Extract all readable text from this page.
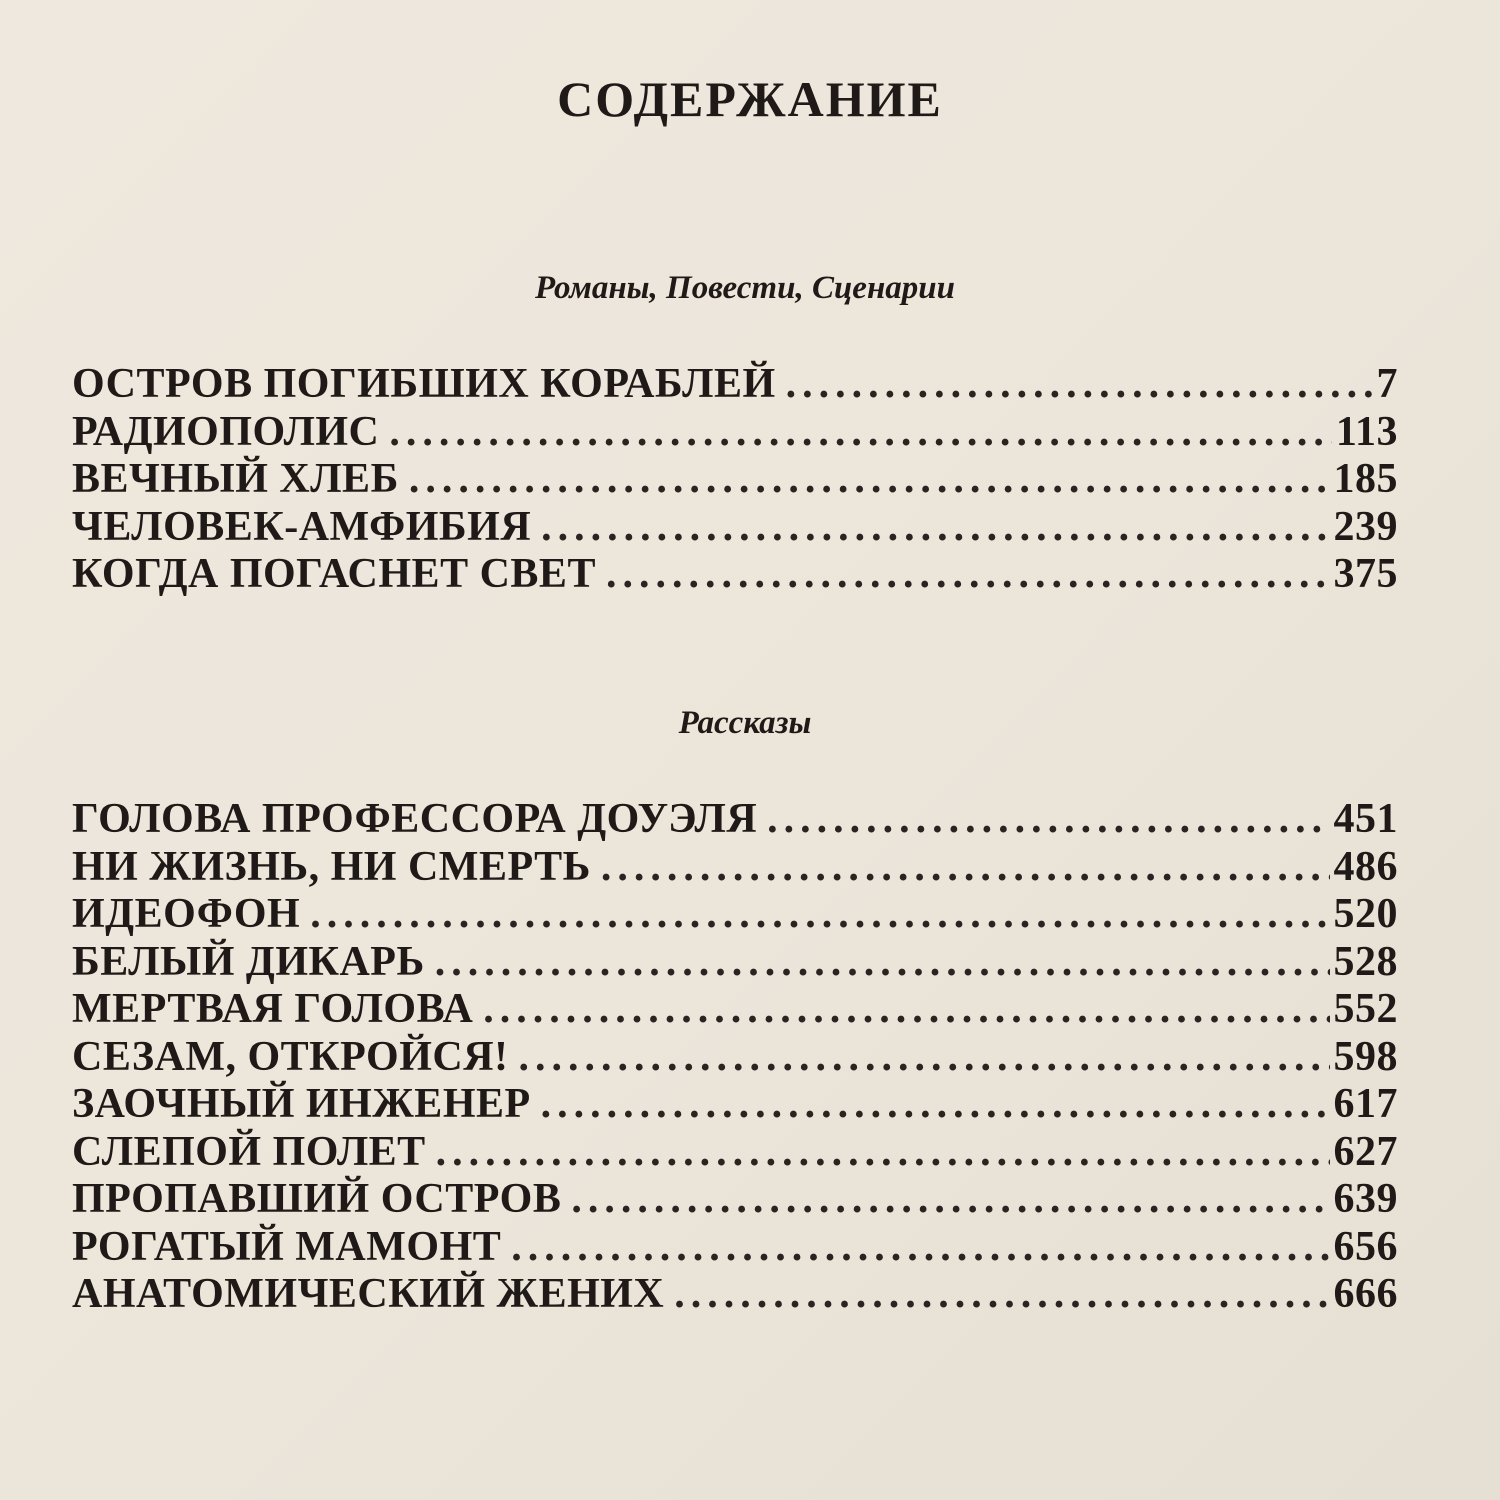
СОДЕРЖАНИЕ
Романы, Повести, Сценарии
ОСТРОВ ПОГИБШИХ КОРАБЛЕЙ .....	7
РАДИОПОЛИС .....	113
ВЕЧНЫЙ ХЛЕБ .....	185
ЧЕЛОВЕК-АМФИБИЯ .....	239
КОГДА ПОГАСНЕТ СВЕТ .....	375
Рассказы
ГОЛОВА ПРОФЕССОРА ДОУЭЛЯ .....	451
НИ ЖИЗНЬ, НИ СМЕРТЬ .....	486
ИДЕОФОН .....	520
БЕЛЫЙ ДИКАРЬ .....	528
МЕРТВАЯ ГОЛОВА .....	552
СЕЗАМ, ОТКРОЙСЯ! .....	598
ЗАОЧНЫЙ ИНЖЕНЕР .....	617
СЛЕПОЙ ПОЛЕТ .....	627
ПРОПАВШИЙ ОСТРОВ .....	639
РОГАТЫЙ МАМОНТ .....	656
АНАТОМИЧЕСКИЙ ЖЕНИХ .....	666
